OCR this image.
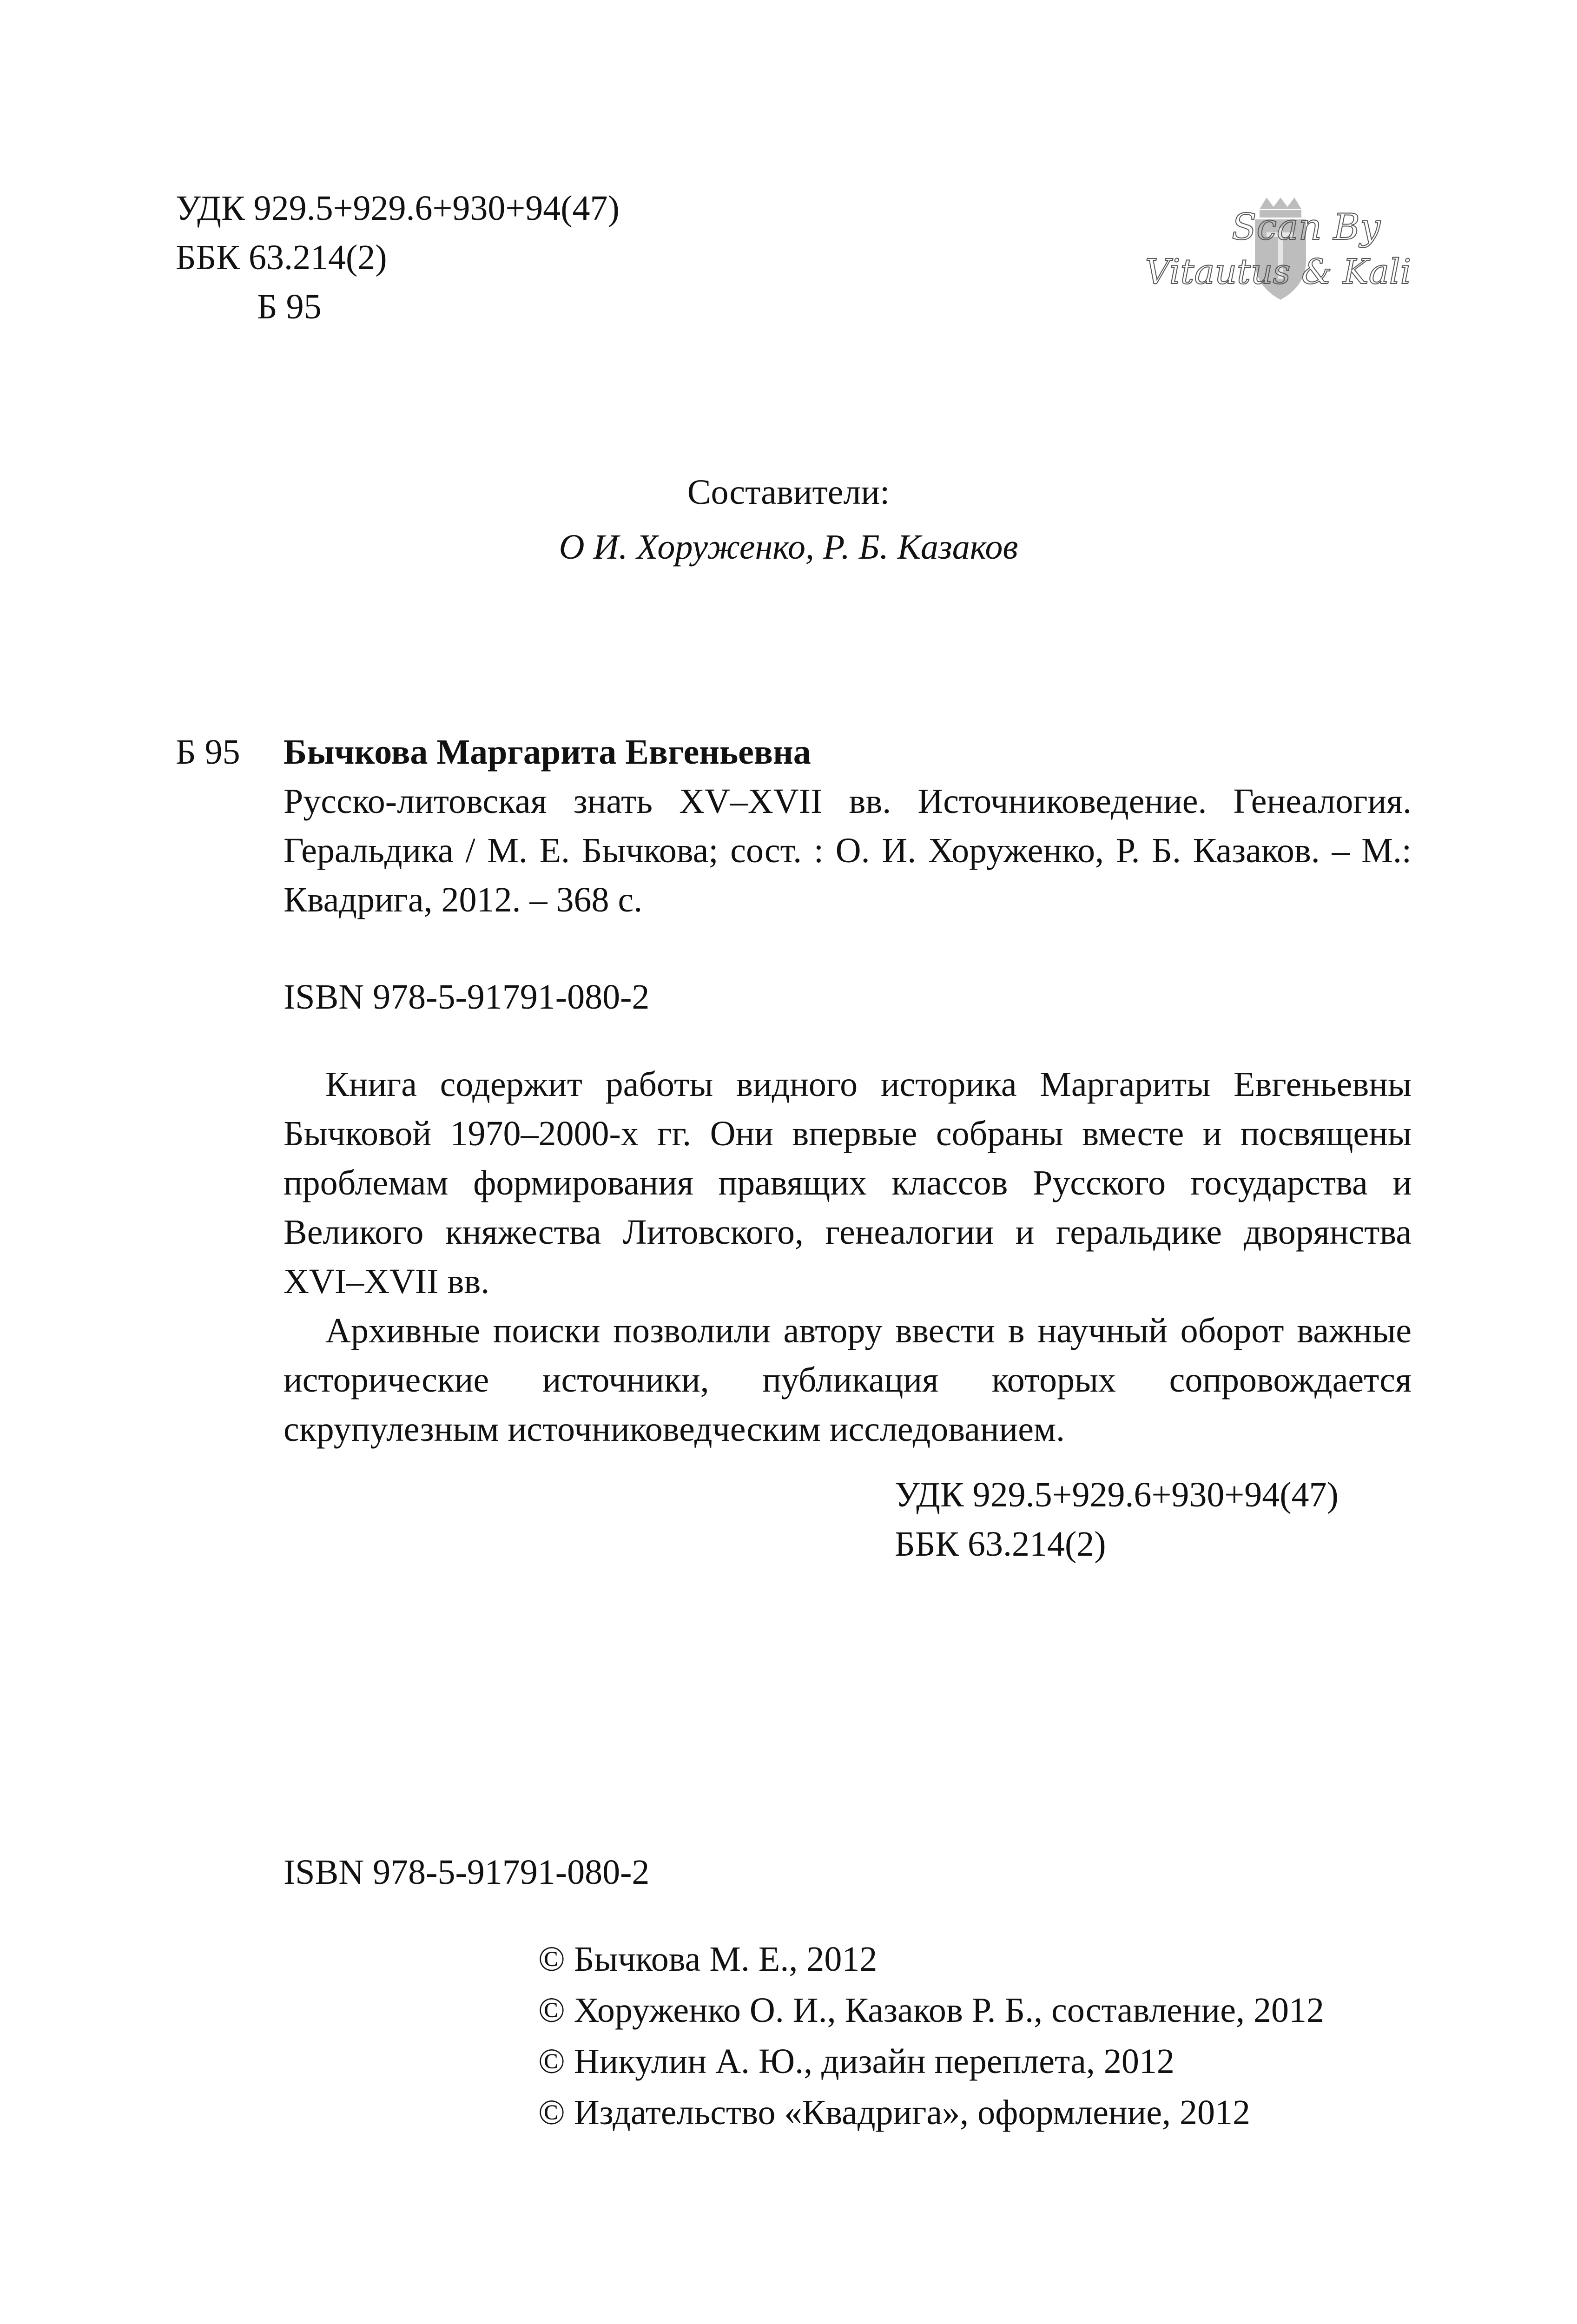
УДК 929.5+929.6+930+94(47)
ББК 63.214(2)
Б 95
Scan By
Vitautus & Kali
Составители:
О И. Хоруженко, Р. Б. Казаков
Б 95 Бычкова Маргарита Евгеньевна
Русско-литовская знать XV–XVII вв. Источниковедение. Генеалогия. Геральдика / М. Е. Бычкова; сост. : О. И. Хоруженко, Р. Б. Казаков. – М.: Квадрига, 2012. – 368 с.
ISBN 978-5-91791-080-2

Книга содержит работы видного историка Маргариты Евгеньевны Бычковой 1970–2000-х гг. Они впервые собраны вместе и посвящены проблемам формирования правящих классов Русского государства и Великого княжества Литовского, генеалогии и геральдике дворянства XVI–XVII вв.

Архивные поиски позволили автору ввести в научный оборот важные исторические источники, публикация которых сопровождается скрупулезным источниковедческим исследованием.

УДК 929.5+929.6+930+94(47)
ББК 63.214(2)
ISBN 978-5-91791-080-2
© Бычкова М. Е., 2012
© Хоруженко О. И., Казаков Р. Б., составление, 2012
© Никулин А. Ю., дизайн переплета, 2012
© Издательство «Квадрига», оформление, 2012
